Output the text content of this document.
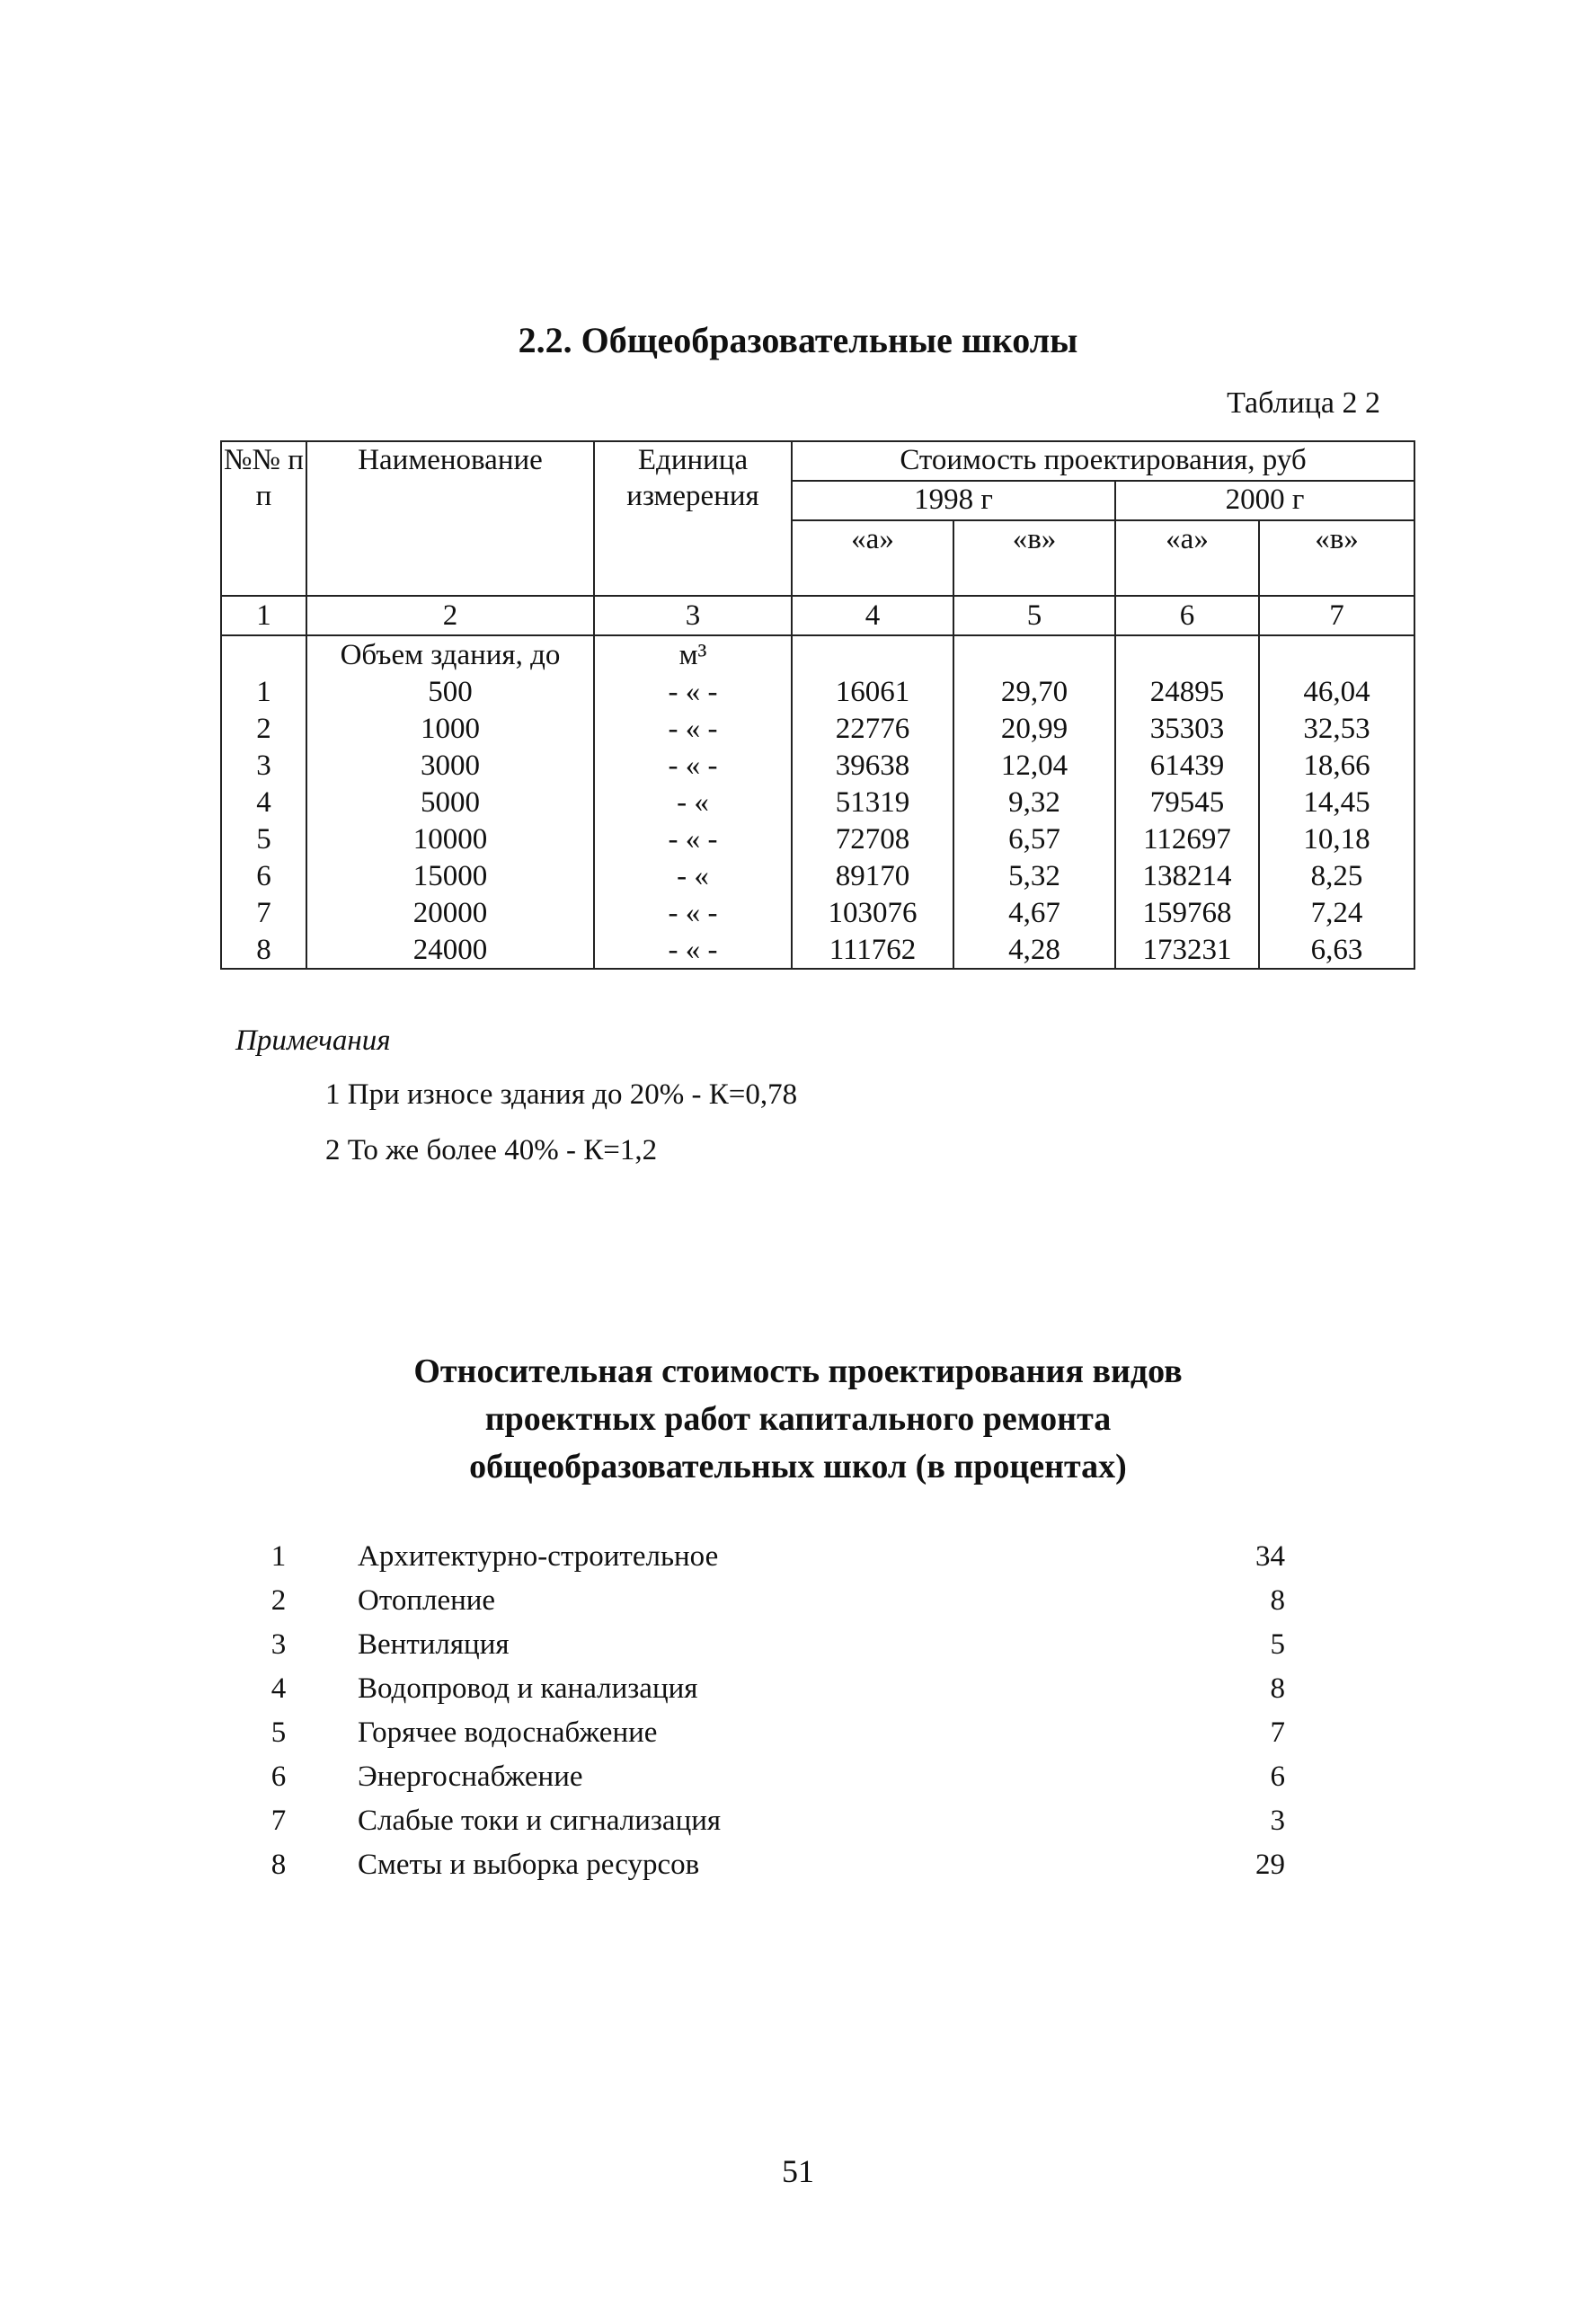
2.2. Общеобразовательные школы
Таблица 2 2
№№ п п	Наименование	Единица измерения	Стоимость проектирования, руб			
			1998 г		2000 г	
			«а»	«в»	«а»	«в»
1	2	3	4	5	6	7
	Объем здания, до	м³				
1	500	- « -	16061	29,70	24895	46,04
2	1000	- « -	22776	20,99	35303	32,53
3	3000	- « -	39638	12,04	61439	18,66
4	5000	- «	51319	9,32	79545	14,45
5	10000	- « -	72708	6,57	112697	10,18
6	15000	- «	89170	5,32	138214	8,25
7	20000	- « -	103076	4,67	159768	7,24
8	24000	- « -	111762	4,28	173231	6,63
Примечания
1 При износе здания до 20% - К=0,78
2 То же более 40% - К=1,2
Относительная стоимость проектирования видов
проектных работ капитального ремонта
общеобразовательных школ (в процентах)
1	Архитектурно-строительное	34
2	Отопление	8
3	Вентиляция	5
4	Водопровод и канализация	8
5	Горячее водоснабжение	7
6	Энергоснабжение	6
7	Слабые токи и сигнализация	3
8	Сметы и выборка ресурсов	29
51
